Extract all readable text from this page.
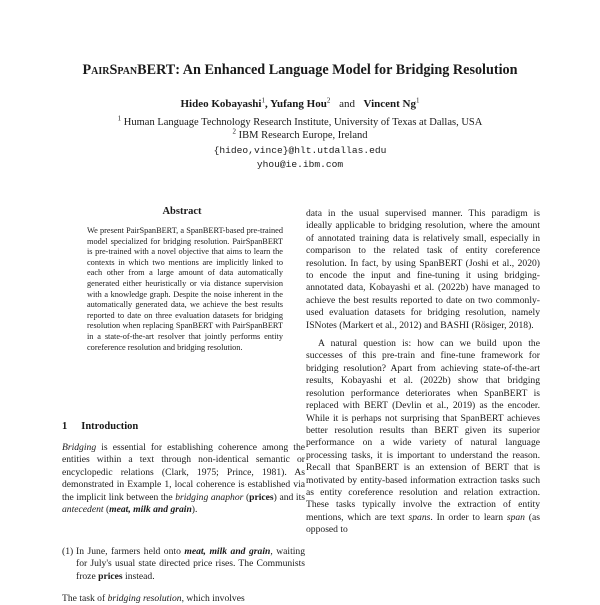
PairSpanBERT: An Enhanced Language Model for Bridging Resolution
Hideo Kobayashi$^1$, Yufang Hou$^2$ and Vincent Ng$^1$
$^1$ Human Language Technology Research Institute, University of Texas at Dallas, USA
$^2$ IBM Research Europe, Ireland
{hideo,vince}@hlt.utdallas.edu
yhou@ie.ibm.com
Abstract

We present PairSpanBERT, a SpanBERT-based pre-trained model specialized for bridging resolution. PairSpanBERT is pre-trained with a novel objective that aims to learn the contexts in which two mentions are implicitly linked to each other from a large amount of data automatically generated either heuristically or via distance supervision with a knowledge graph. Despite the noise inherent in the automatically generated data, we achieve the best results reported to date on three evaluation datasets for bridging resolution when replacing SpanBERT with PairSpanBERT in a state-of-the-art resolver that jointly performs entity coreference resolution and bridging resolution.

1 Introduction

Bridging is essential for establishing coherence among the entities within a text through non-identical semantic or encyclopedic relations (Clark, 1975; Prince, 1981). As demonstrated in Example 1, local coherence is established via the implicit link between the bridging anaphor (prices) and its antecedent (meat, milk and grain).

(1) In June, farmers held onto meat, milk and grain, waiting for July's usual state directed price rises. The Communists froze prices instead.

The task of bridging resolution, which involves

data in the usual supervised manner. This paradigm is ideally applicable to bridging resolution, where the amount of annotated training data is relatively small, especially in comparison to the related task of entity coreference resolution. In fact, by using SpanBERT (Joshi et al., 2020) to encode the input and fine-tuning it using bridging-annotated data, Kobayashi et al. (2022b) have managed to achieve the best results reported to date on two commonly-used evaluation datasets for bridging resolution, namely ISNotes (Markert et al., 2012) and BASHI (Rösiger, 2018).

A natural question is: how can we build upon the successes of this pre-train and fine-tune framework for bridging resolution? Apart from achieving state-of-the-art results, Kobayashi et al. (2022b) show that bridging resolution performance deteriorates when SpanBERT is replaced with BERT (Devlin et al., 2019) as the encoder. While it is perhaps not surprising that SpanBERT achieves better resolution results than BERT given its superior performance on a wide variety of natural language processing tasks, it is important to understand the reason. Recall that SpanBERT is an extension of BERT that is motivated by entity-based information extraction tasks such as entity coreference resolution and relation extraction. These tasks typically involve the extraction of entity mentions, which are text spans. In order to learn span (as opposed to
